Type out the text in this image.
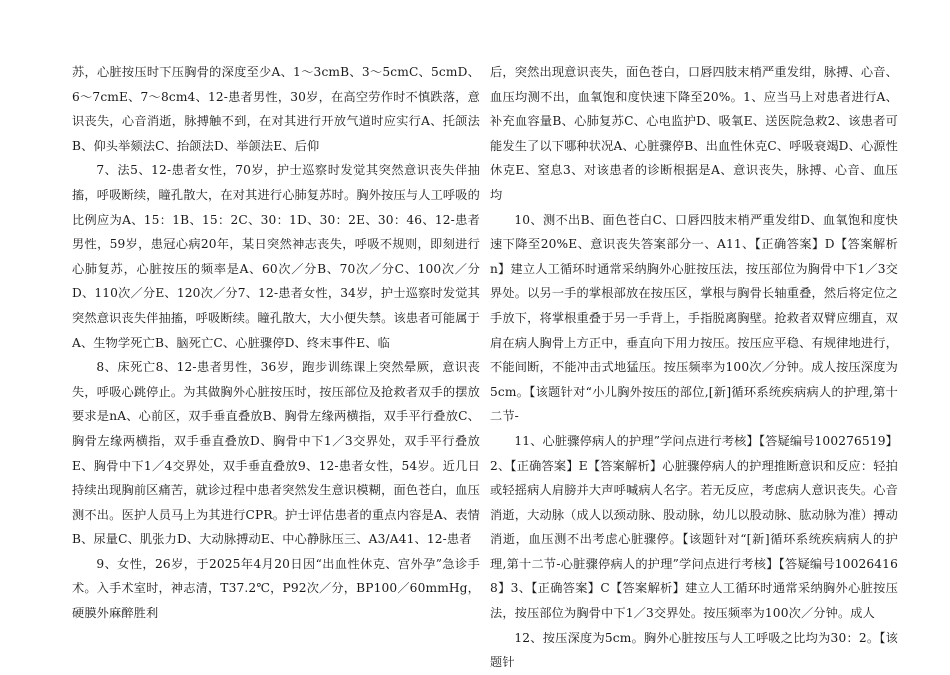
苏，心脏按压时下压胸骨的深度至少A、1～3cmB、3～5cmC、5cmD、6～7cmE、7～8cm4、12-患者男性，30岁，在高空劳作时不慎跌落，意识丧失，心音消逝，脉搏触不到，在对其进行开放气道时应实行A、托颌法B、仰头举颏法C、抬颌法D、举颌法E、后仰

7、法5、12-患者女性，70岁，护士巡察时发觉其突然意识丧失伴抽搐，呼吸断续，瞳孔散大，在对其进行心肺复苏时。胸外按压与人工呼吸的比例应为A、15：1B、15：2C、30：1D、30：2E、30：46、12-患者男性，59岁，患冠心病20年，某日突然神志丧失，呼吸不规则，即刻进行心肺复苏，心脏按压的频率是A、60次／分B、70次／分C、100次／分D、110次／分E、120次／分7、12-患者女性，34岁，护士巡察时发觉其突然意识丧失伴抽搐，呼吸断续。瞳孔散大，大小便失禁。该患者可能属于A、生物学死亡B、脑死亡C、心脏骤停D、终末事件E、临

8、床死亡8、12-患者男性，36岁，跑步训练课上突然晕厥，意识丧失，呼吸心跳停止。为其做胸外心脏按压时，按压部位及抢救者双手的摆放要求是nA、心前区，双手垂直叠放B、胸骨左缘两横指，双手平行叠放C、胸骨左缘两横指，双手垂直叠放D、胸骨中下1／3交界处，双手平行叠放E、胸骨中下1／4交界处，双手垂直叠放9、12-患者女性，54岁。近几日持续出现胸前区痛苦，就诊过程中患者突然发生意识模糊，面色苍白，血压测不出。医护人员马上为其进行CPR。护士评估患者的重点内容是A、表情B、尿量C、肌张力D、大动脉搏动E、中心静脉压三、A3/A41、12-患者

9、女性，26岁，于2025年4月20日因“出血性休克、宫外孕”急诊手术。入手术室时，神志清，T37.2℃，P92次／分，BP100／60mmHg，硬膜外麻醉胜利

后，突然出现意识丧失，面色苍白，口唇四肢末梢严重发绀，脉搏、心音、血压均测不出，血氧饱和度快速下降至20%。1、应当马上对患者进行A、补充血容量B、心肺复苏C、心电监护D、吸氧E、送医院急救2、该患者可能发生了以下哪种状况A、心脏骤停B、出血性休克C、呼吸衰竭D、心源性休克E、窒息3、对该患者的诊断根据是A、意识丧失，脉搏、心音、血压均

10、测不出B、面色苍白C、口唇四肢末梢严重发绀D、血氧饱和度快速下降至20%E、意识丧失答案部分一、A11、【正确答案】D【答案解析n】建立人工循环时通常采纳胸外心脏按压法，按压部位为胸骨中下1／3交界处。以另一手的掌根部放在按压区，掌根与胸骨长轴重叠，然后将定位之手放下，将掌根重叠于另一手背上，手指脱离胸壁。抢救者双臂应绷直，双肩在病人胸骨上方正中，垂直向下用力按压。按压应平稳、有规律地进行，不能间断，不能冲击式地猛压。按压频率为100次／分钟。成人按压深度为5cm。【该题针对“小儿胸外按压的部位,[新]循环系统疾病病人的护理,第十二节-

11、心脏骤停病人的护理”学问点进行考核】【答疑编号100276519】2、【正确答案】E【答案解析】心脏骤停病人的护理推断意识和反应：轻拍或轻摇病人肩膀并大声呼喊病人名字。若无反应，考虑病人意识丧失。心音消逝，大动脉（成人以颈动脉、股动脉，幼儿以股动脉、肱动脉为准）搏动消逝，血压测不出考虑心脏骤停。【该题针对“[新]循环系统疾病病人的护理,第十二节-心脏骤停病人的护理”学问点进行考核】【答疑编号100264168】3、【正确答案】C【答案解析】建立人工循环时通常采纳胸外心脏按压法，按压部位为胸骨中下1／3交界处。按压频率为100次／分钟。成人

12、按压深度为5cm。胸外心脏按压与人工呼吸之比均为30：2。【该题针
